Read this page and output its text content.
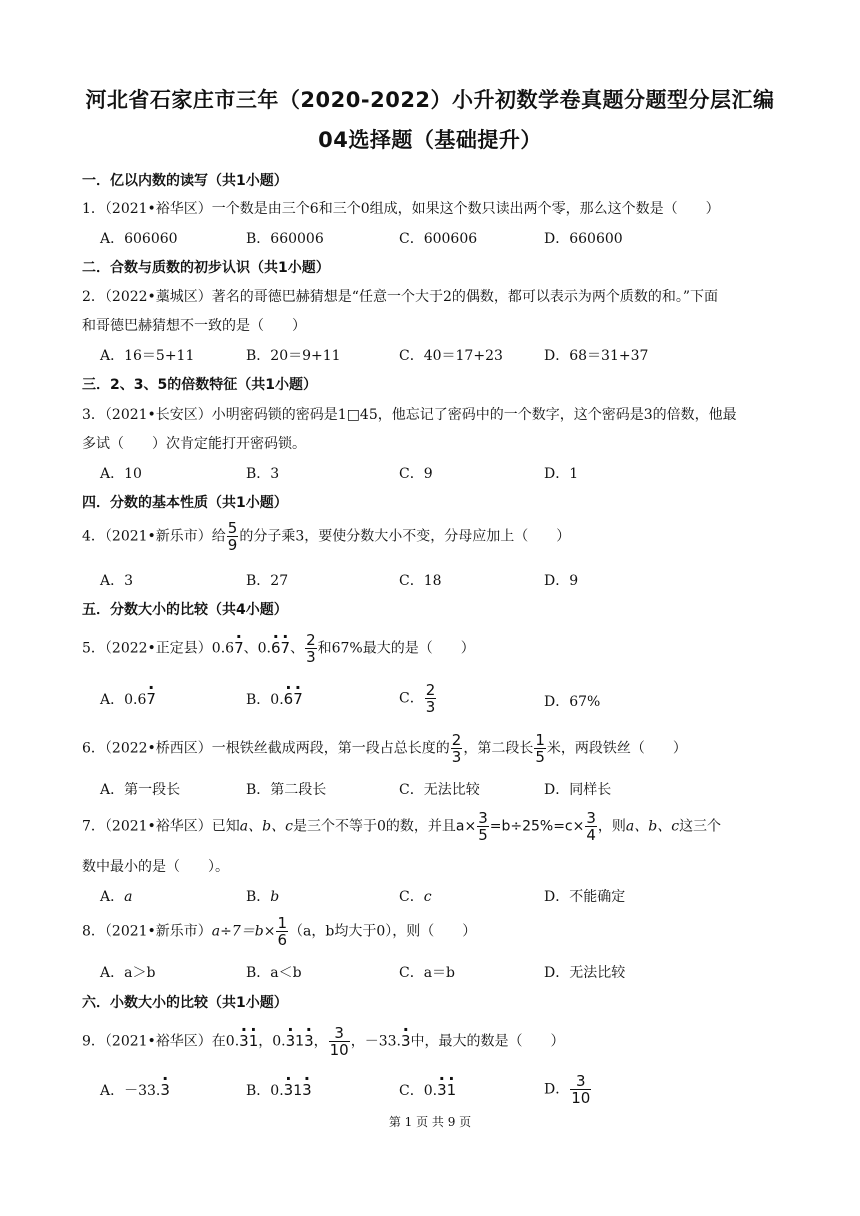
河北省石家庄市三年（2020-2022）小升初数学卷真题分题型分层汇编
04选择题（基础提升）
一．亿以内数的读写（共1小题）
1．（2021•裕华区）一个数是由三个6和三个0组成，如果这个数只读出两个零，那么这个数是（　　）
A．606060	B．660006	C．600606	D．660600
二．合数与质数的初步认识（共1小题）
2．（2022•藁城区）著名的哥德巴赫猜想是“任意一个大于2的偶数，都可以表示为两个质数的和。”下面
和哥德巴赫猜想不一致的是（　　）
A．16＝5+11	B．20＝9+11	C．40＝17+23	D．68＝31+37
三．2、3、5的倍数特征（共1小题）
3．（2021•长安区）小明密码锁的密码是1□45，他忘记了密码中的一个数字，这个密码是3的倍数，他最
多试（　　）次肯定能打开密码锁。
A．10	B．3	C．9	D．1
四．分数的基本性质（共1小题）
4．（2021•新乐市）给 $\frac{5}{9}$ 的分子乘3，要使分数大小不变，分母应加上（　　）
A．3	B．27	C．18	D．9
五．分数大小的比较（共4小题）
5．（2022•正定县）0.6· 7、0.· 6· 7、 $\frac{2}{3}$ 和67%最大的是（　　）
A．0.6· 7	B．0.· 6· 7	C． $\frac{2}{3}$	D．67%
6．（2022•桥西区）一根铁丝截成两段，第一段占总长度的 $\frac{2}{3}$ ，第二段长 $\frac{1}{5}$ 米，两段铁丝（　　）
A．第一段长	B．第二段长	C．无法比较	D．同样长
7．（2021•裕华区）已知a、b、c是三个不等于0的数，并且$a\times \frac{3}{5} =b\div 25\%=c\times \frac{3}{4}$ ，则a、b、c这三个
数中最小的是（　　）。
A．a	B．b	C．c	D．不能确定
8．（2021•新乐市）$a\div 7=b\times \frac{1}{6} (a$，b均大于0），则（　　）
A．a＞b	B．a＜b	C．a＝b	D．无法比较
六．小数大小的比较（共1小题）
9．（2021•裕华区）在0.· 3· 1，0.· 31· 3， $\frac{3}{10}$ ，－33.· 3中，最大的数是（　　）
A．－33.· 3	B．0.· 31· 3	C．0.· 3· 1	D． $\frac{3}{10}$
第 1 页 共 9 页
